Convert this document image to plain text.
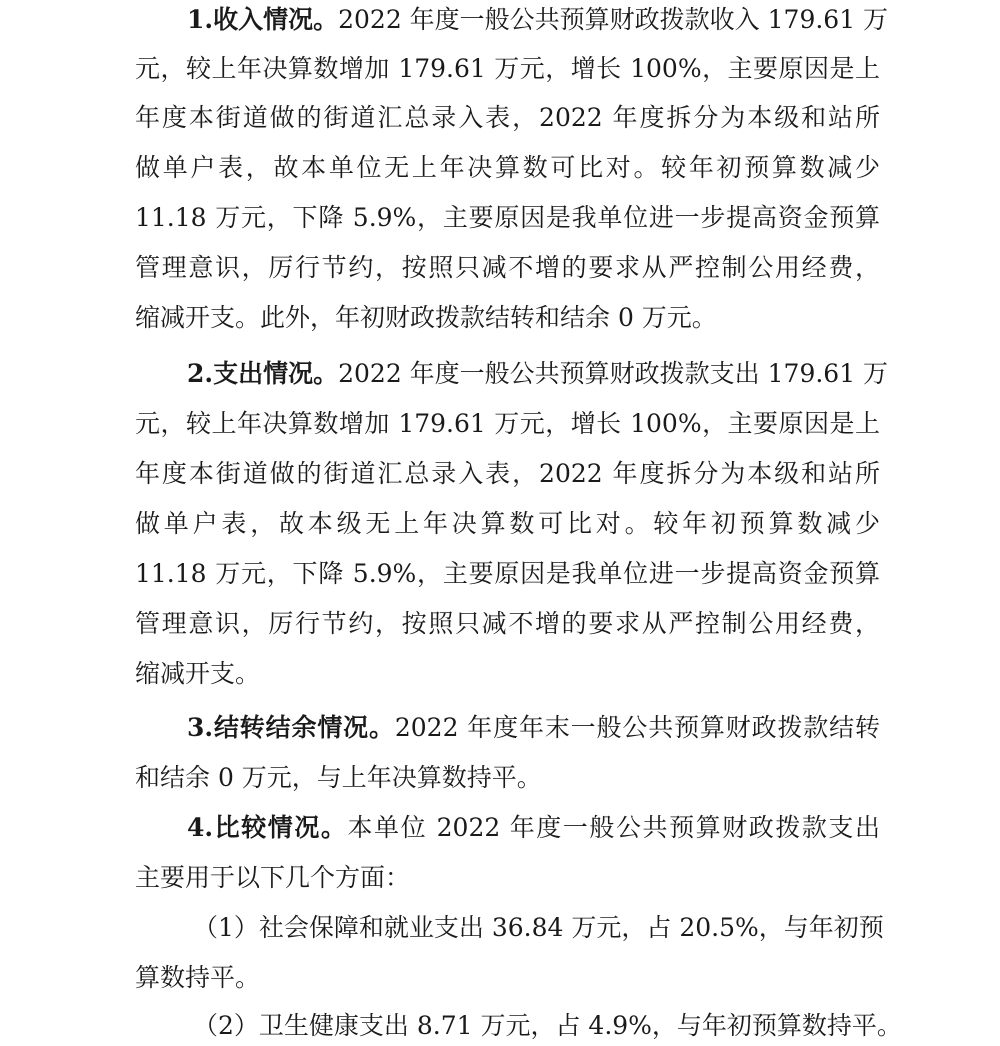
1.收入情况。2022 年度一般公共预算财政拨款收入 179.61 万
元，较上年决算数增加 179.61 万元，增长 100%，主要原因是上
年度本街道做的街道汇总录入表，2022 年度拆分为本级和站所
做单户表，故本单位无上年决算数可比对。较年初预算数减少
11.18 万元，下降 5.9%，主要原因是我单位进一步提高资金预算
管理意识，厉行节约，按照只减不增的要求从严控制公用经费，
缩减开支。此外，年初财政拨款结转和结余 0 万元。
2.支出情况。2022 年度一般公共预算财政拨款支出 179.61 万
元，较上年决算数增加 179.61 万元，增长 100%，主要原因是上
年度本街道做的街道汇总录入表，2022 年度拆分为本级和站所
做单户表，故本级无上年决算数可比对。较年初预算数减少
11.18 万元，下降 5.9%，主要原因是我单位进一步提高资金预算
管理意识，厉行节约，按照只减不增的要求从严控制公用经费，
缩减开支。
3.结转结余情况。2022 年度年末一般公共预算财政拨款结转
和结余 0 万元，与上年决算数持平。
4.比较情况。本单位 2022 年度一般公共预算财政拨款支出
主要用于以下几个方面：
（1）社会保障和就业支出 36.84 万元，占 20.5%，与年初预
算数持平。
（2）卫生健康支出 8.71 万元，占 4.9%，与年初预算数持平。
